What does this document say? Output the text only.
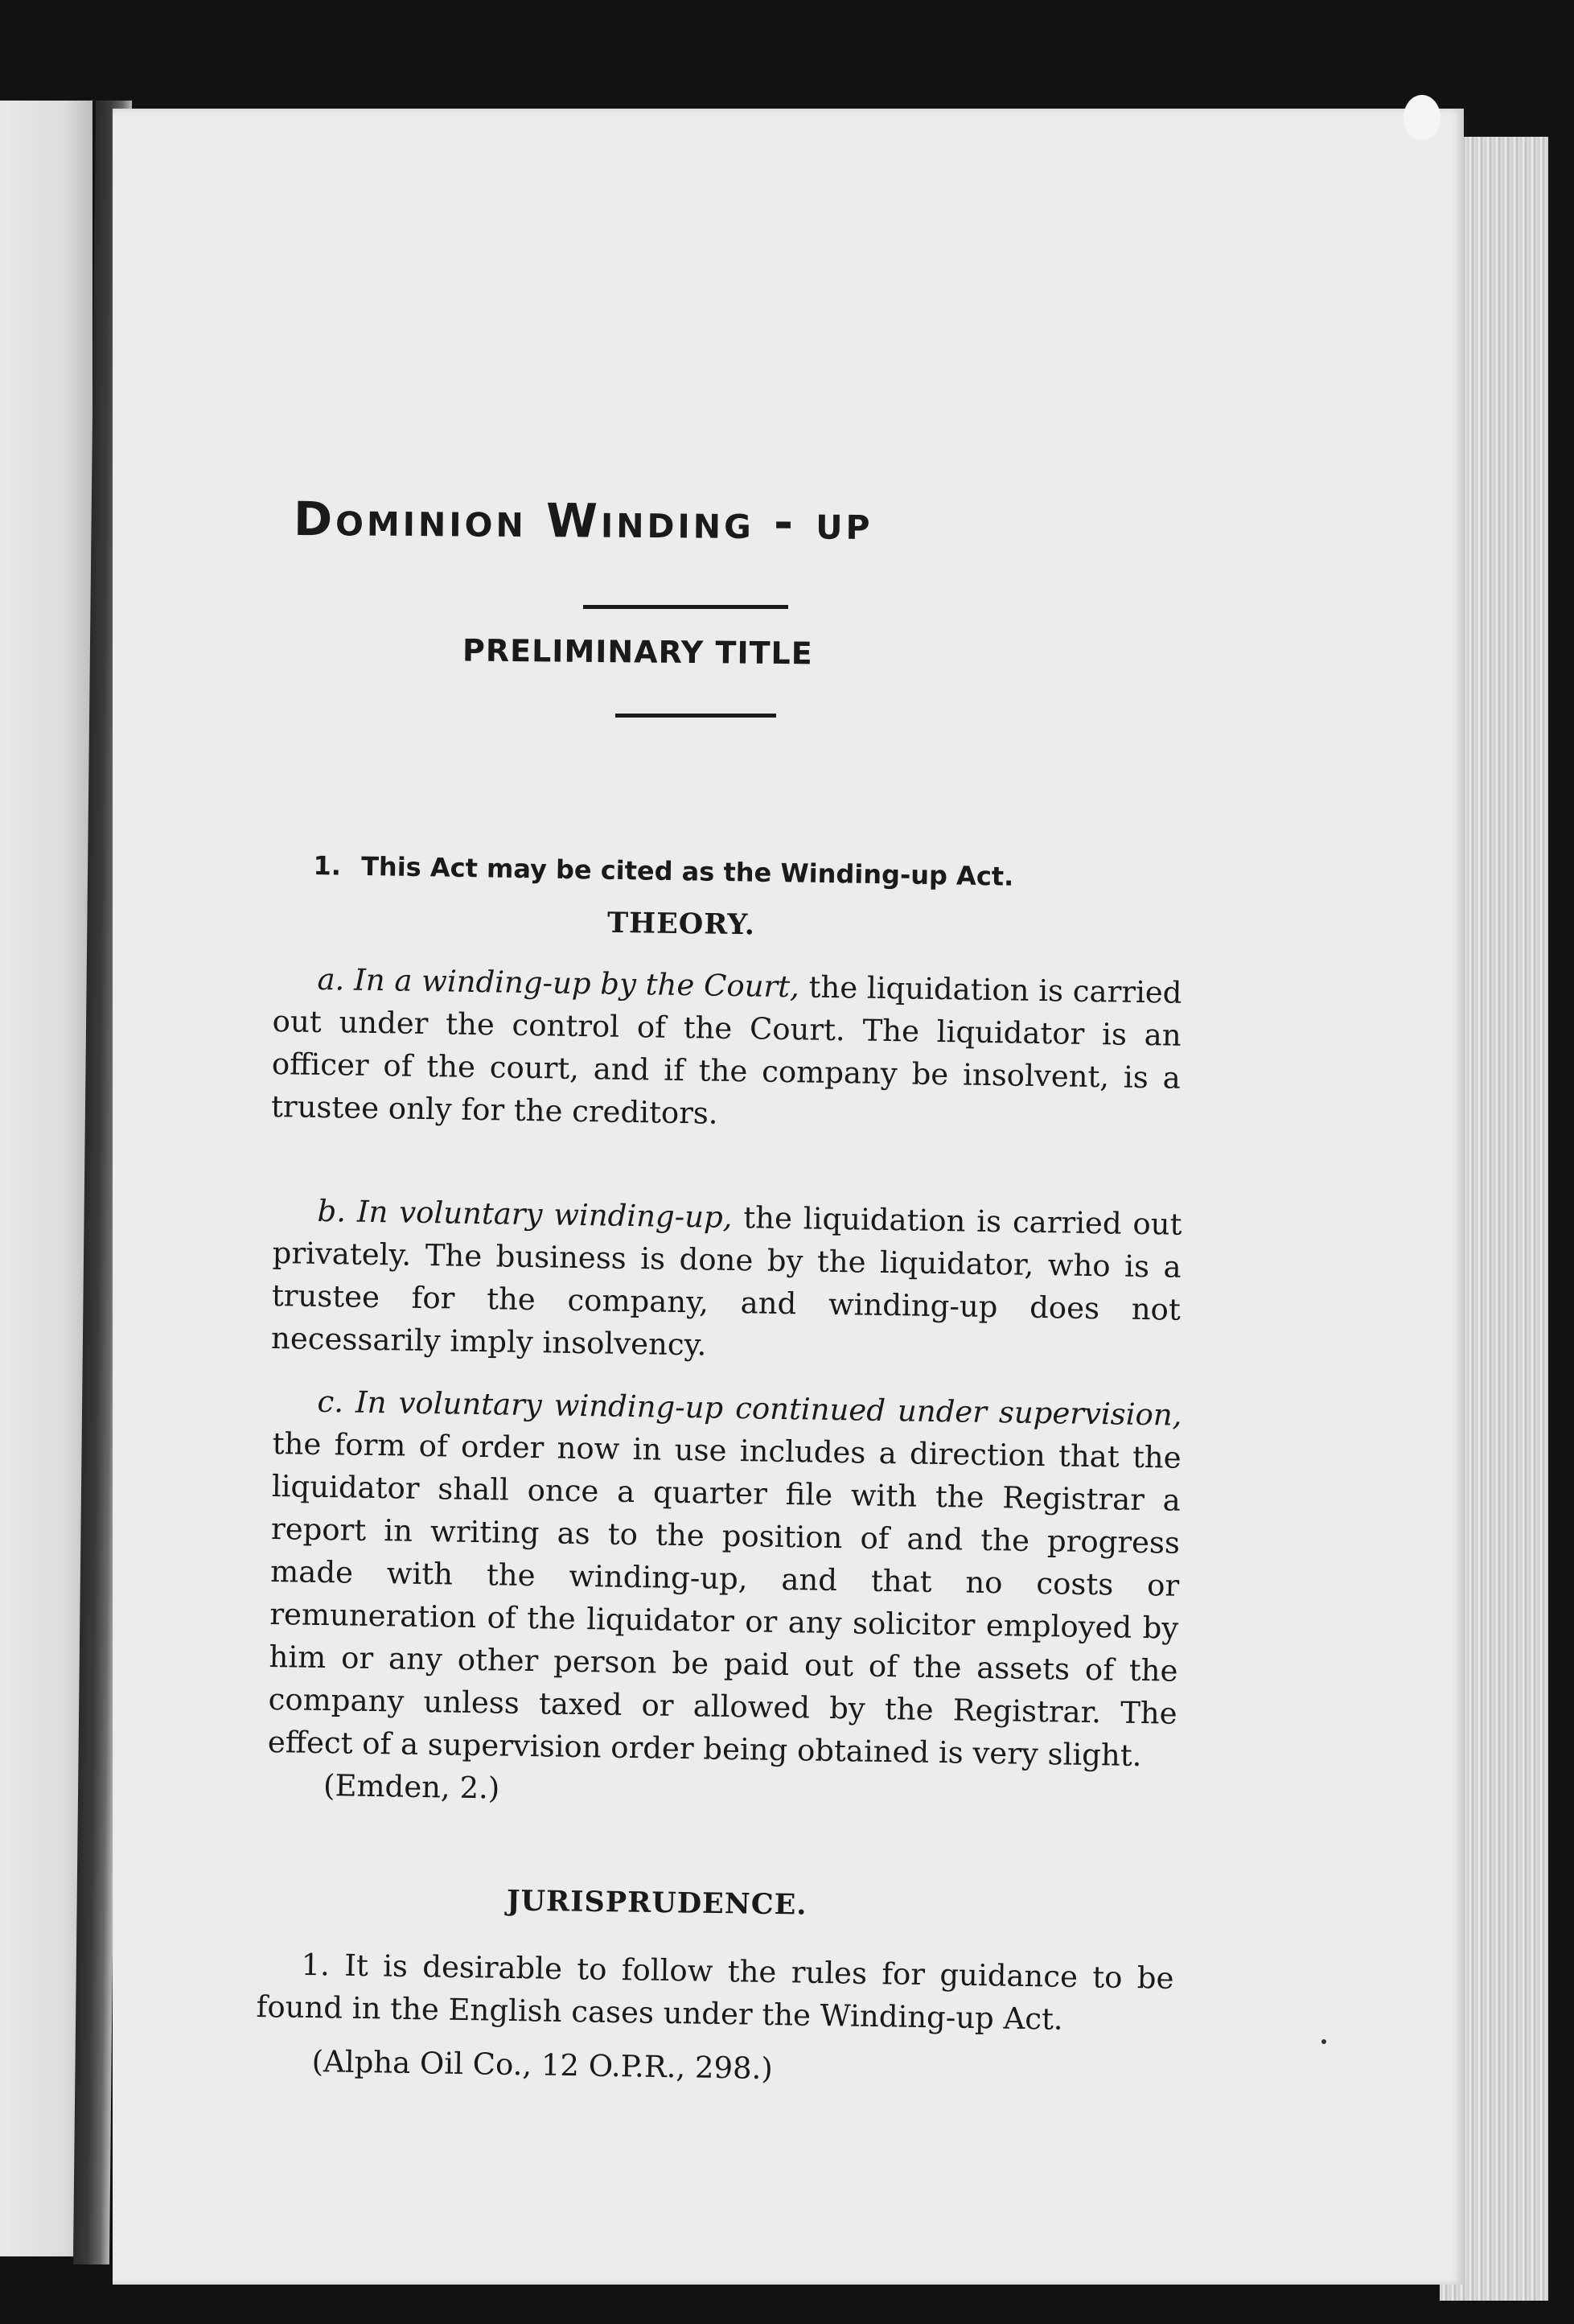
Dominion Winding - up
PRELIMINARY TITLE
1. This Act may be cited as the Winding-up Act.
THEORY.

a. In a winding-up by the Court, the liquidation is carried out under the control of the Court. The liquidator is an officer of the court, and if the company be insolvent, is a trustee only for the creditors.

b. In voluntary winding-up, the liquidation is carried out privately. The business is done by the liquidator, who is a trustee for the company, and winding-up does not necessarily imply insolvency.

c. In voluntary winding-up continued under supervision, the form of order now in use includes a direction that the liquidator shall once a quarter file with the Registrar a report in writing as to the position of and the progress made with the winding-up, and that no costs or remuneration of the liquidator or any solicitor employed by him or any other person be paid out of the assets of the company unless taxed or allowed by the Registrar. The effect of a supervision order being obtained is very slight.

(Emden, 2.)
JURISPRUDENCE.

1. It is desirable to follow the rules for guidance to be found in the English cases under the Winding-up Act.

(Alpha Oil Co., 12 O.P.R., 298.)
